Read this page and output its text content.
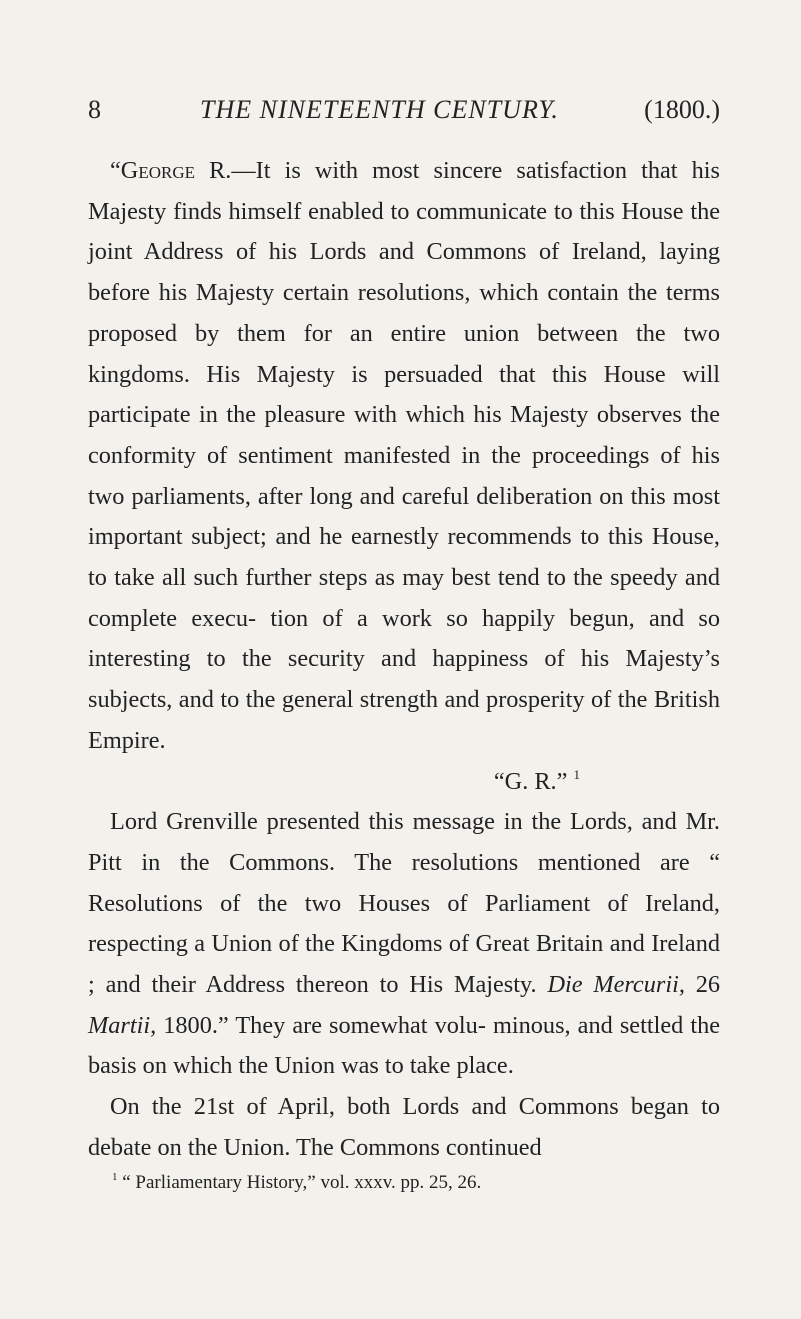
8	THE NINETEENTH CENTURY.	(1800.)

“George R.—It is with most sincere satisfaction that his Majesty finds himself enabled to communicate to this House the joint Address of his Lords and Commons of Ireland, laying before his Majesty certain resolutions, which contain the terms proposed by them for an entire union between the two kingdoms. His Majesty is persuaded that this House will participate in the pleasure with which his Majesty observes the conformity of sentiment manifested in the proceedings of his two parliaments, after long and careful deliberation on this most important subject; and he earnestly recommends to this House, to take all such further steps as may best tend to the speedy and complete execu- tion of a work so happily begun, and so interesting to the security and happiness of his Majesty’s subjects, and to the general strength and prosperity of the British Empire.

“G. R.” $^1$

Lord Grenville presented this message in the Lords, and Mr. Pitt in the Commons. The resolutions mentioned are “ Resolutions of the two Houses of Parliament of Ireland, respecting a Union of the Kingdoms of Great Britain and Ireland ; and their Address thereon to His Majesty. Die Mercurii, 26 Martii, 1800.” They are somewhat volu- minous, and settled the basis on which the Union was to take place.

On the 21st of April, both Lords and Commons began to debate on the Union. The Commons continued

$^1$ “ Parliamentary History,” vol. xxxv. pp. 25, 26.
